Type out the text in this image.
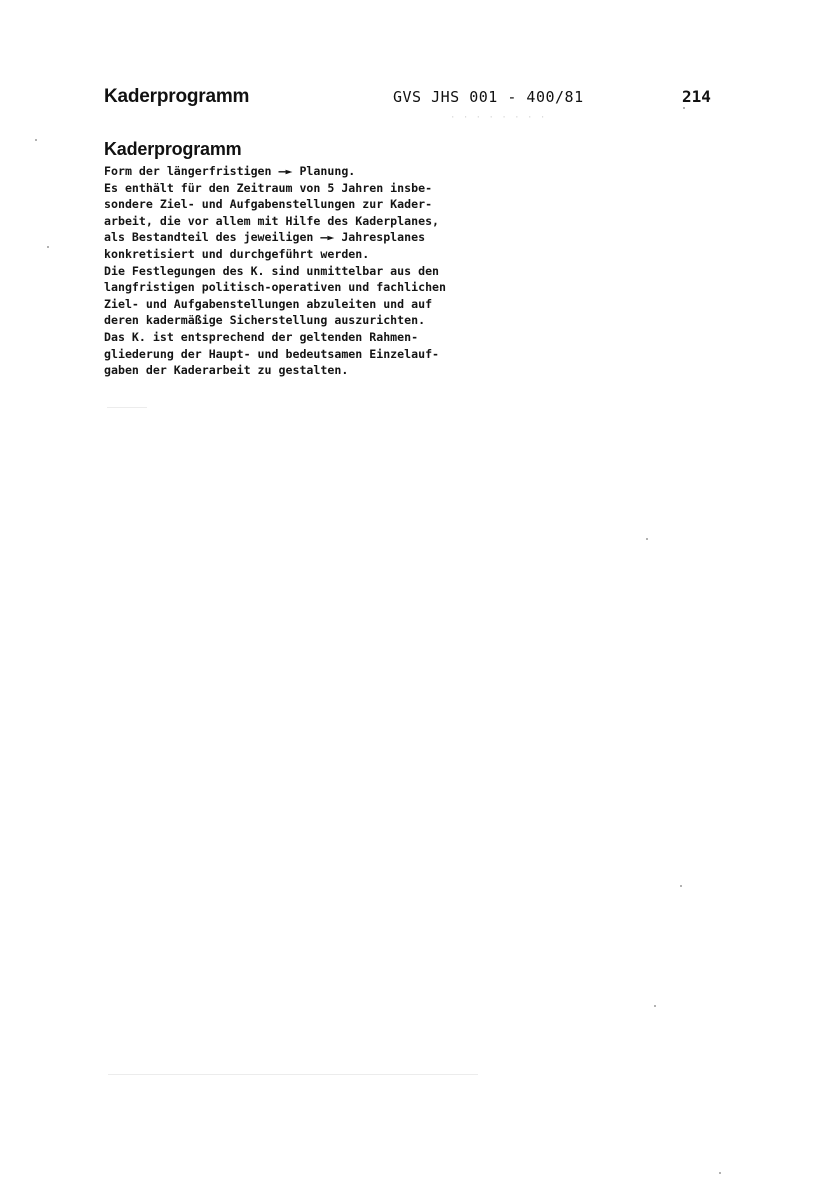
Kaderprogramm	GVS JHS 001 - 400/81	214
· · · · · · · ·
Kaderprogramm
Form der längerfristigen —► Planung.
Es enthält für den Zeitraum von 5 Jahren insbe-
sondere Ziel- und Aufgabenstellungen zur Kader-
arbeit, die vor allem mit Hilfe des Kaderplanes,
als Bestandteil des jeweiligen —► Jahresplanes
konkretisiert und durchgeführt werden.
Die Festlegungen des K. sind unmittelbar aus den
langfristigen politisch-operativen und fachlichen
Ziel- und Aufgabenstellungen abzuleiten und auf
deren kadermäßige Sicherstellung auszurichten.
Das K. ist entsprechend der geltenden Rahmen-
gliederung der Haupt- und bedeutsamen Einzelauf-
gaben der Kaderarbeit zu gestalten.
